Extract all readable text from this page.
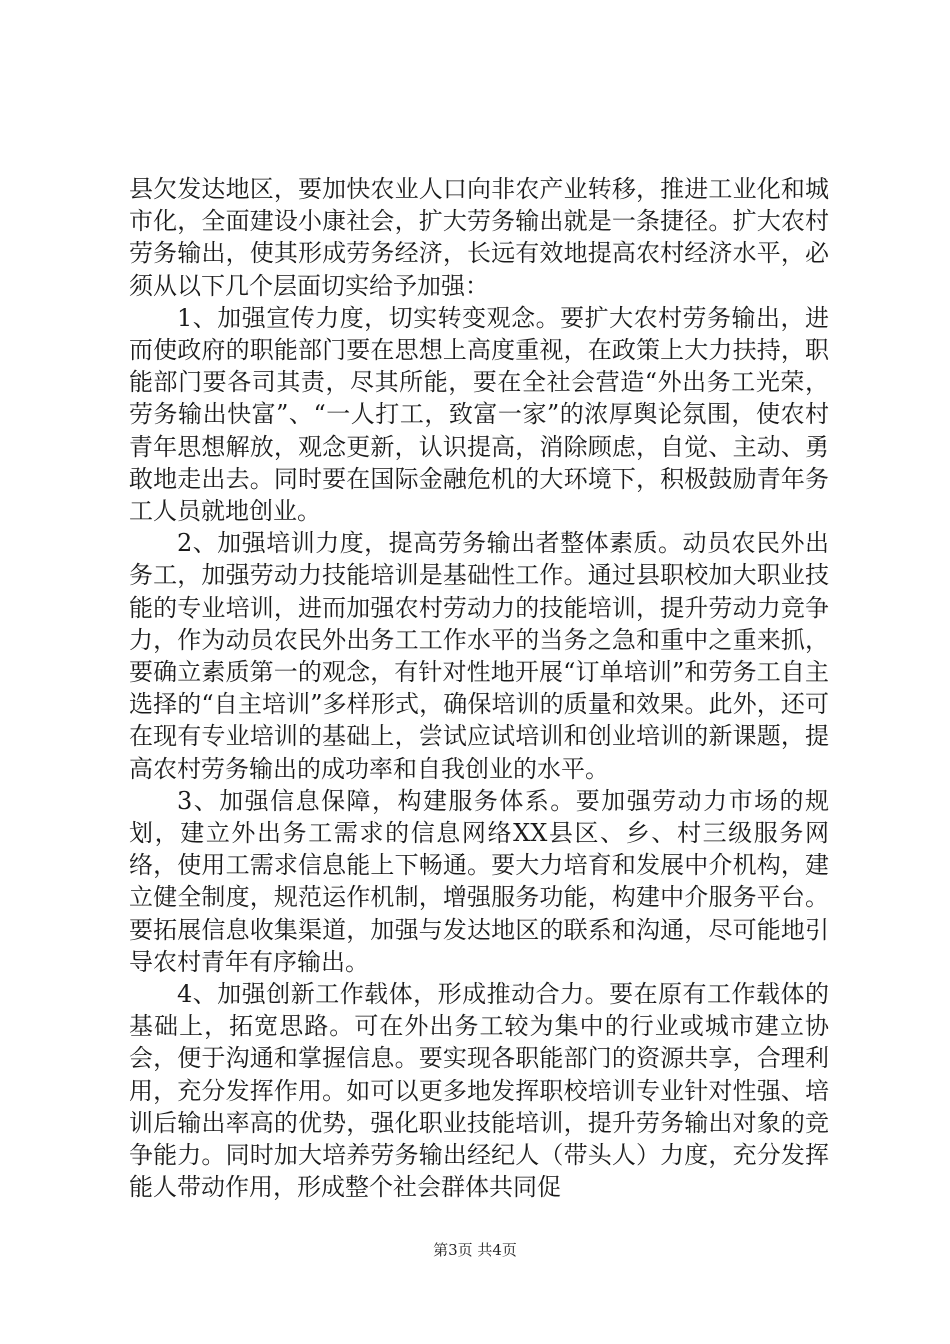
县欠发达地区，要加快农业人口向非农产业转移，推进工业化和城市化，全面建设小康社会，扩大劳务输出就是一条捷径。扩大农村劳务输出，使其形成劳务经济，长远有效地提高农村经济水平，必须从以下几个层面切实给予加强：

1、加强宣传力度，切实转变观念。要扩大农村劳务输出，进而使政府的职能部门要在思想上高度重视，在政策上大力扶持，职能部门要各司其责，尽其所能，要在全社会营造“外出务工光荣，劳务输出快富”、“一人打工，致富一家”的浓厚舆论氛围，使农村青年思想解放，观念更新，认识提高，消除顾虑，自觉、主动、勇敢地走出去。同时要在国际金融危机的大环境下，积极鼓励青年务工人员就地创业。

2、加强培训力度，提高劳务输出者整体素质。动员农民外出务工，加强劳动力技能培训是基础性工作。通过县职校加大职业技能的专业培训，进而加强农村劳动力的技能培训，提升劳动力竞争力，作为动员农民外出务工工作水平的当务之急和重中之重来抓，要确立素质第一的观念，有针对性地开展“订单培训”和劳务工自主选择的“自主培训”多样形式，确保培训的质量和效果。此外，还可在现有专业培训的基础上，尝试应试培训和创业培训的新课题，提高农村劳务输出的成功率和自我创业的水平。

3、加强信息保障，构建服务体系。要加强劳动力市场的规划，建立外出务工需求的信息网络XX县区、乡、村三级服务网络，使用工需求信息能上下畅通。要大力培育和发展中介机构，建立健全制度，规范运作机制，增强服务功能，构建中介服务平台。要拓展信息收集渠道，加强与发达地区的联系和沟通，尽可能地引导农村青年有序输出。

4、加强创新工作载体，形成推动合力。要在原有工作载体的基础上，拓宽思路。可在外出务工较为集中的行业或城市建立协会，便于沟通和掌握信息。要实现各职能部门的资源共享，合理利用，充分发挥作用。如可以更多地发挥职校培训专业针对性强、培训后输出率高的优势，强化职业技能培训，提升劳务输出对象的竞争能力。同时加大培养劳务输出经纪人（带头人）力度，充分发挥能人带动作用，形成整个社会群体共同促

第3页 共4页
